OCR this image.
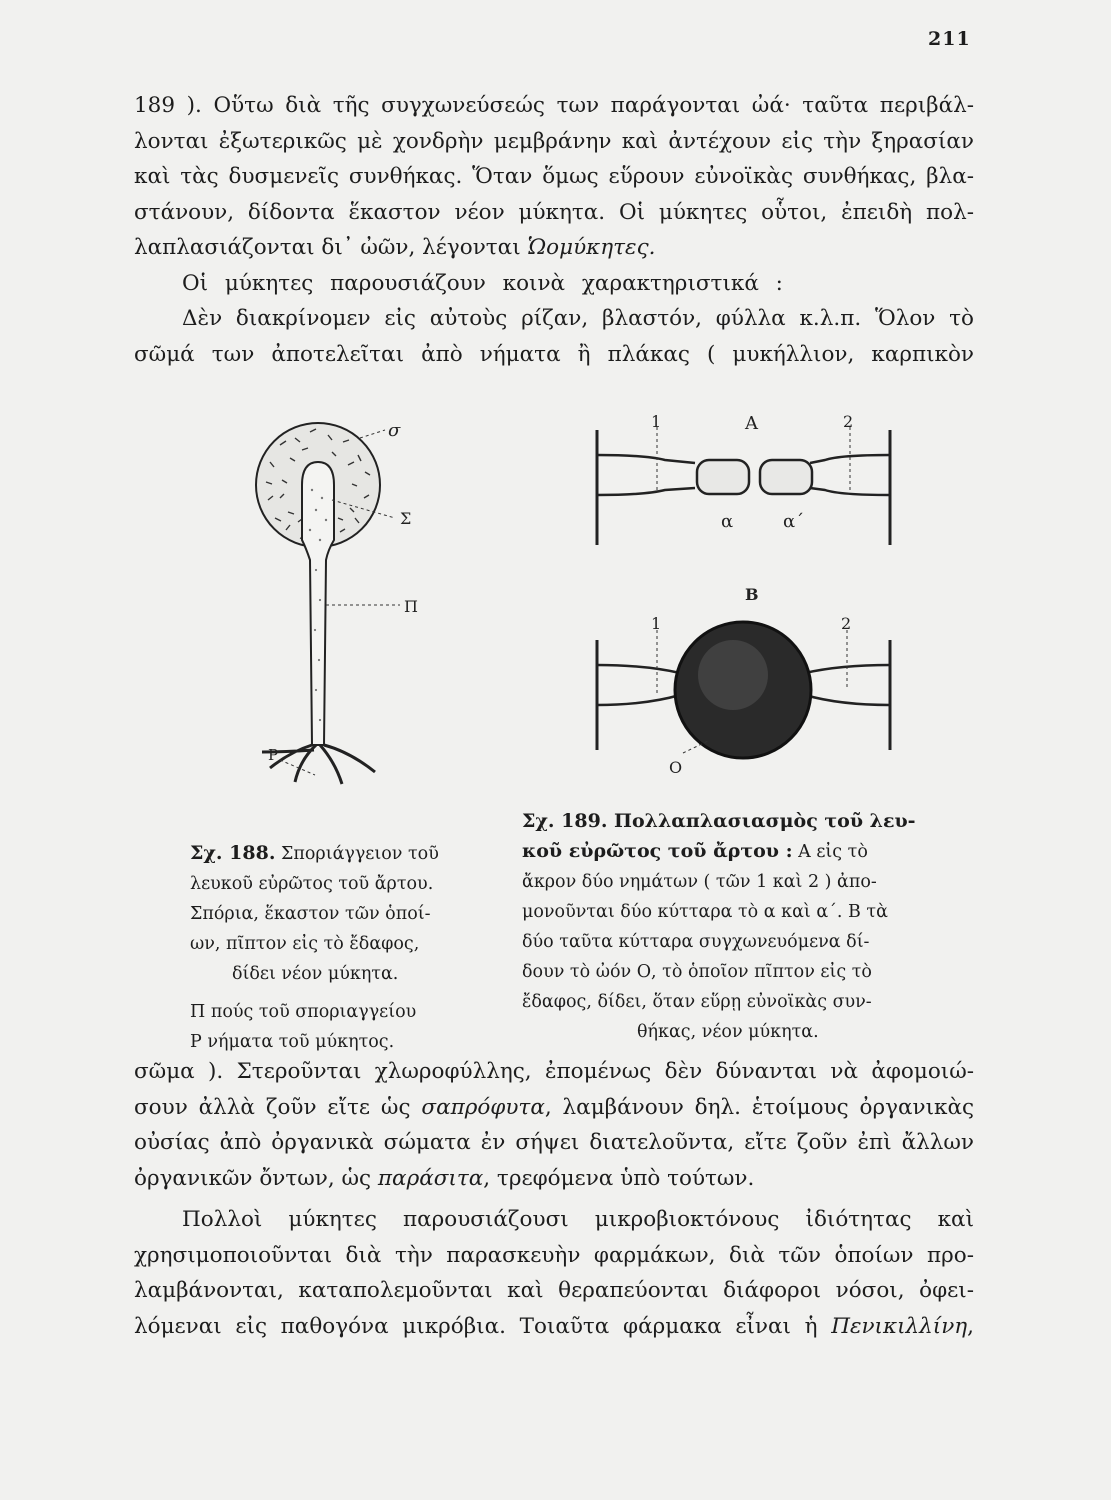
211
189 ). Οὕτω διὰ τῆς συγχωνεύσεώς των παράγονται ὠά· ταῦτα περιβάλ-
λονται ἐξωτερικῶς μὲ χονδρὴν μεμβράνην καὶ ἀντέχουν εἰς τὴν ξηρασίαν
καὶ τὰς δυσμενεῖς συνθήκας. Ὅταν ὅμως εὕρουν εὐνοϊκὰς συνθήκας, βλα-
στάνουν, δίδοντα ἕκαστον νέον μύκητα. Οἱ μύκητες οὗτοι, ἐπειδὴ πολ-
λαπλασιάζονται δι᾽ ὠῶν, λέγονται Ὡομύκητες.
Οἱ μύκητες παρουσιάζουν κοινὰ χαρακτηριστικά :
Δὲν διακρίνομεν εἰς αὐτοὺς ρίζαν, βλαστόν, φύλλα κ.λ.π. Ὅλον τὸ
σῶμά των ἀποτελεῖται ἀπὸ νήματα ἢ πλάκας ( μυκήλλιον, καρπικὸν
σ
Σ
Π
Ρ
Α
1	2
α	α΄
Β
1	2
Ο
Σχ. 188. Σποριάγγειον τοῦ
λευκοῦ εὐρῶτος τοῦ ἄρτου.
Σπόρια, ἕκαστον τῶν ὁποί-
ων, πῖπτον εἰς τὸ ἔδαφος,
δίδει νέον μύκητα.
Π πούς τοῦ σποριαγγείου
Ρ νήματα τοῦ μύκητος.
Σχ. 189. Πολλαπλασιασμὸς τοῦ λευ-
κοῦ εὐρῶτος τοῦ ἄρτου : Α εἰς τὸ
ἄκρον δύο νημάτων ( τῶν 1 καὶ 2 ) ἀπο-
μονοῦνται δύο κύτταρα τὸ α καὶ α΄. Β τὰ
δύο ταῦτα κύτταρα συγχωνευόμενα δί-
δουν τὸ ὠόν Ο, τὸ ὁποῖον πῖπτον εἰς τὸ
ἔδαφος, δίδει, ὅταν εὕρῃ εὐνοϊκὰς συν-
θήκας, νέον μύκητα.
σῶμα ). Στεροῦνται χλωροφύλλης, ἐπομένως δὲν δύνανται νὰ ἀφομοιώ-
σουν ἀλλὰ ζοῦν εἴτε ὡς σαπρόφυτα, λαμβάνουν δηλ. ἑτοίμους ὀργανικὰς
οὐσίας ἀπὸ ὀργανικὰ σώματα ἐν σήψει διατελοῦντα, εἴτε ζοῦν ἐπὶ ἄλλων
ὀργανικῶν ὄντων, ὡς παράσιτα, τρεφόμενα ὑπὸ τούτων.
Πολλοὶ μύκητες παρουσιάζουσι μικροβιοκτόνους ἰδιότητας καὶ
χρησιμοποιοῦνται διὰ τὴν παρασκευὴν φαρμάκων, διὰ τῶν ὁποίων προ-
λαμβάνονται, καταπολεμοῦνται καὶ θεραπεύονται διάφοροι νόσοι, ὀφει-
λόμεναι εἰς παθογόνα μικρόβια. Τοιαῦτα φάρμακα εἶναι ἡ Πενικιλλίνη,
